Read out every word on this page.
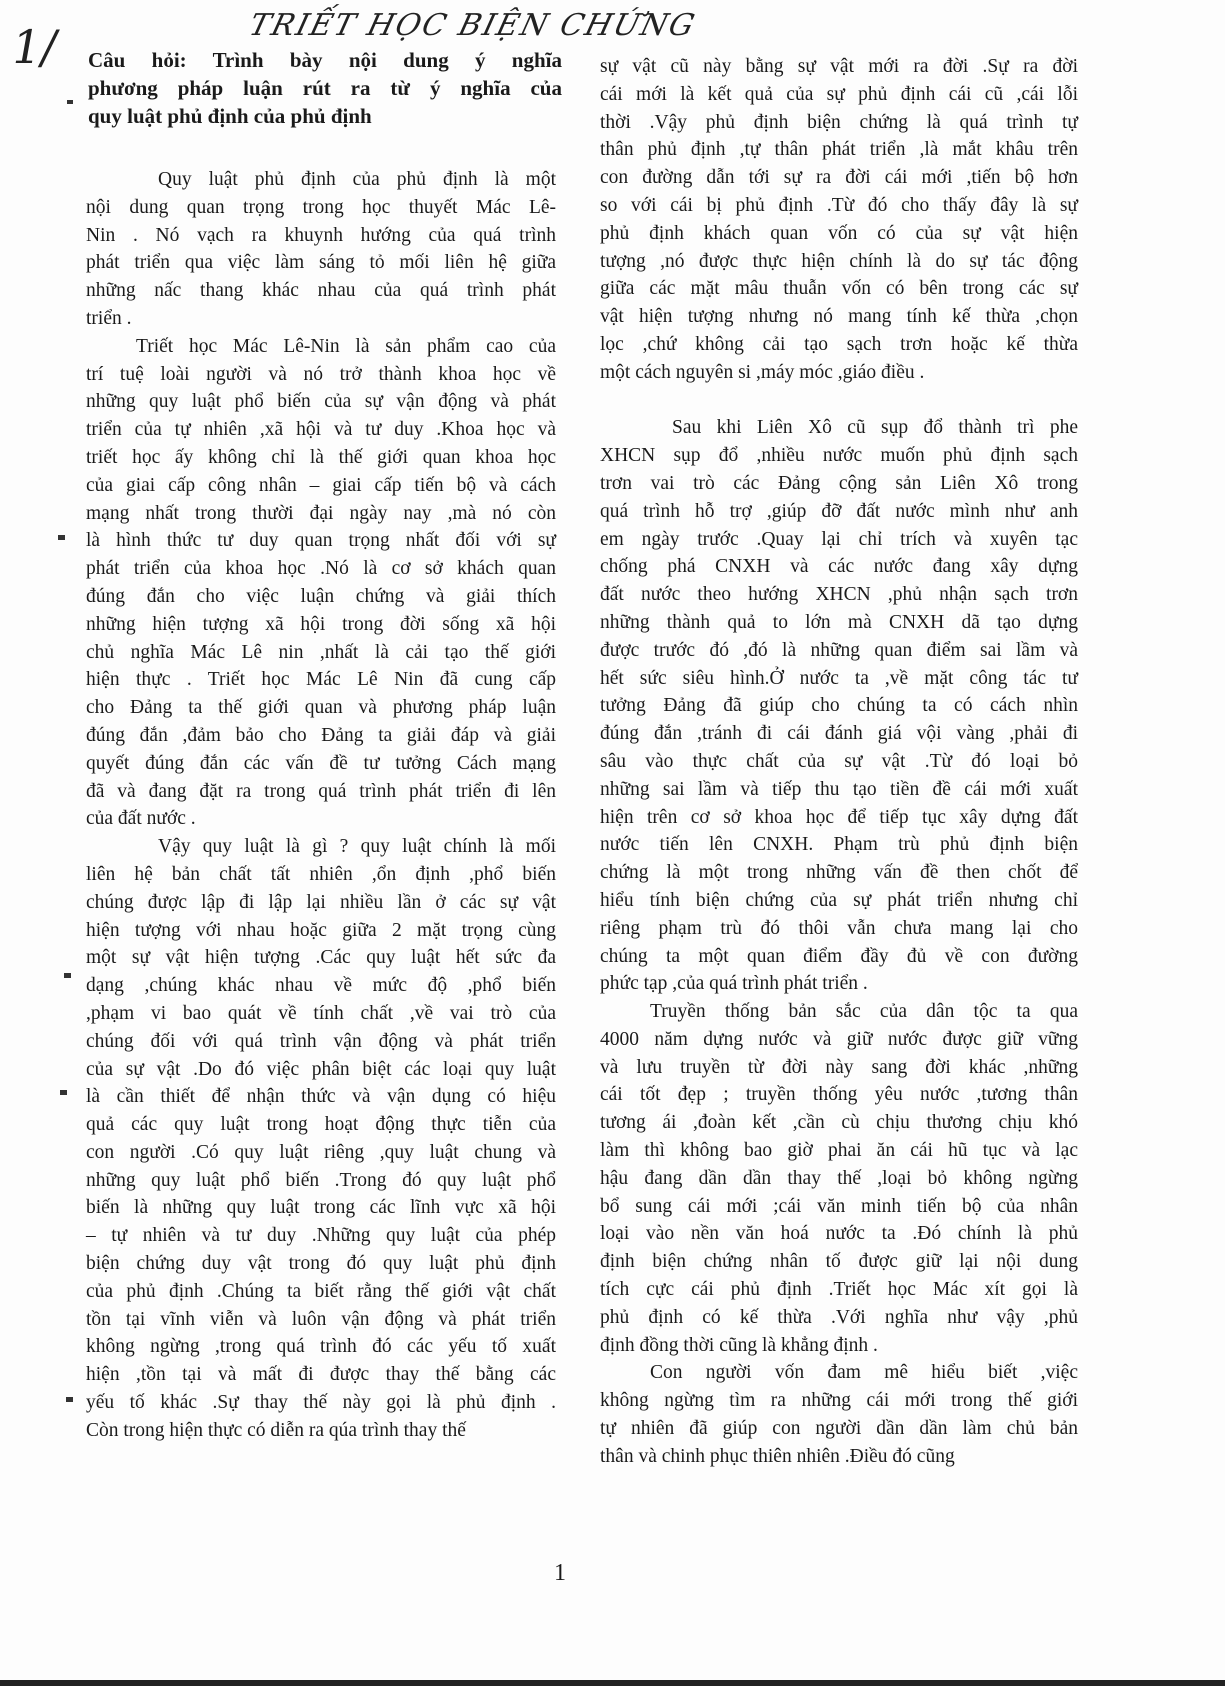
1/	TRIẾT HỌC BIỆN CHỨNG
Câu hỏi: Trình bày nội dung ý nghĩa
phương pháp luận rút ra từ ý nghĩa của
quy luật phủ định của phủ định
Quy luật phủ định của phủ định là một
nội dung quan trọng trong học thuyết Mác Lê-
Nin . Nó vạch ra khuynh hướng của quá trình
phát triển qua việc làm sáng tỏ mối liên hệ giữa
những nấc thang khác nhau của quá trình phát
triển .
Triết học Mác Lê-Nin là sản phẩm cao của
trí tuệ loài người và nó trở thành khoa học về
những quy luật phổ biến của sự vận động và phát
triển của tự nhiên ,xã hội và tư duy .Khoa học và
triết học ấy không chỉ là thế giới quan khoa học
của giai cấp công nhân – giai cấp tiến bộ và cách
mạng nhất trong thười đại ngày nay ,mà nó còn
là hình thức tư duy quan trọng nhất đối với sự
phát triển của khoa học .Nó là cơ sở khách quan
đúng đắn cho việc luận chứng và giải thích
những hiện tượng xã hội trong đời sống xã hội
chủ nghĩa Mác Lê nin ,nhất là cải tạo thế giới
hiện thực . Triết học Mác Lê Nin đã cung cấp
cho Đảng ta thế giới quan và phương pháp luận
đúng đắn ,đảm bảo cho Đảng ta giải đáp và giải
quyết đúng đắn các vấn đề tư tưởng Cách mạng
đã và đang đặt ra trong quá trình phát triển đi lên
của đất nước .
Vậy quy luật là gì ? quy luật chính là mối
liên hệ bản chất tất nhiên ,ổn định ,phổ biến
chúng được lập đi lập lại nhiều lần ở các sự vật
hiện tượng với nhau hoặc giữa 2 mặt trọng cùng
một sự vật hiện tượng .Các quy luật hết sức đa
dạng ,chúng khác nhau về mức độ ,phổ biến
,phạm vi bao quát về tính chất ,về vai trò của
chúng đối với quá trình vận động và phát triển
của sự vật .Do đó việc phân biệt các loại quy luật
là cần thiết để nhận thức và vận dụng có hiệu
quả các quy luật trong hoạt động thực tiễn của
con người .Có quy luật riêng ,quy luật chung và
những quy luật phổ biến .Trong đó quy luật phổ
biến là những quy luật trong các lĩnh vực xã hội
– tự nhiên và tư duy .Những quy luật của phép
biện chứng duy vật trong đó quy luật phủ định
của phủ định .Chúng ta biết rằng thế giới vật chất
tồn tại vĩnh viễn và luôn vận động và phát triển
không ngừng ,trong quá trình đó các yếu tố xuất
hiện ,tồn tại và mất đi được thay thế bằng các
yếu tố khác .Sự thay thế này gọi là phủ định .
Còn trong hiện thực có diễn ra qúa trình thay thế
sự vật cũ này bằng sự vật mới ra đời .Sự ra đời
cái mới là kết quả của sự phủ định cái cũ ,cái lỗi
thời .Vậy phủ định biện chứng là quá trình tự
thân phủ định ,tự thân phát triển ,là mắt khâu trên
con đường dẫn tới sự ra đời cái mới ,tiến bộ hơn
so với cái bị phủ định .Từ đó cho thấy đây là sự
phủ định khách quan vốn có của sự vật hiện
tượng ,nó được thực hiện chính là do sự tác động
giữa các mặt mâu thuẫn vốn có bên trong các sự
vật hiện tượng nhưng nó mang tính kế thừa ,chọn
lọc ,chứ không cải tạo sạch trơn hoặc kế thừa
một cách nguyên si ,máy móc ,giáo điều .
Sau khi Liên Xô cũ sụp đổ thành trì phe
XHCN sụp đổ ,nhiều nước muốn phủ định sạch
trơn vai trò các Đảng cộng sản Liên Xô trong
quá trình hỗ trợ ,giúp đỡ đất nước mình như anh
em ngày trước .Quay lại chỉ trích và xuyên tạc
chống phá CNXH và các nước đang xây dựng
đất nước theo hướng XHCN ,phủ nhận sạch trơn
những thành quả to lớn mà CNXH dã tạo dựng
được trước đó ,đó là những quan điểm sai lầm và
hết sức siêu hình.Ở nước ta ,về mặt công tác tư
tưởng Đảng đã giúp cho chúng ta có cách nhìn
đúng đắn ,tránh đi cái đánh giá vội vàng ,phải đi
sâu vào thực chất của sự vật .Từ đó loại bỏ
những sai lầm và tiếp thu tạo tiền đề cái mới xuất
hiện trên cơ sở khoa học để tiếp tục xây dựng đất
nước tiến lên CNXH. Phạm trù phủ định biện
chứng là một trong những vấn đề then chốt để
hiểu tính biện chứng của sự phát triển nhưng chỉ
riêng phạm trù đó thôi vẫn chưa mang lại cho
chúng ta một quan điểm đầy đủ về con đường
phức tạp ,của quá trình phát triển .
Truyền thống bản sắc của dân tộc ta qua
4000 năm dựng nước và giữ nước được giữ vững
và lưu truyền từ đời này sang đời khác ,những
cái tốt đẹp ; truyền thống yêu nước ,tương thân
tương ái ,đoàn kết ,cần cù chịu thương chịu khó
làm thì không bao giờ phai ăn cái hũ tục và lạc
hậu đang dần dần thay thế ,loại bỏ không ngừng
bổ sung cái mới ;cái văn minh tiến bộ của nhân
loại vào nền văn hoá nước ta .Đó chính là phủ
định biện chứng nhân tố được giữ lại nội dung
tích cực cái phủ định .Triết học Mác xít gọi là
phủ định có kế thừa .Với nghĩa như vậy ,phủ
định đồng thời cũng là khẳng định .
Con người vốn đam mê hiểu biết ,việc
không ngừng tìm ra những cái mới trong thế giới
tự nhiên đã giúp con người dần dần làm chủ bản
thân và chinh phục thiên nhiên .Điều đó cũng
1
